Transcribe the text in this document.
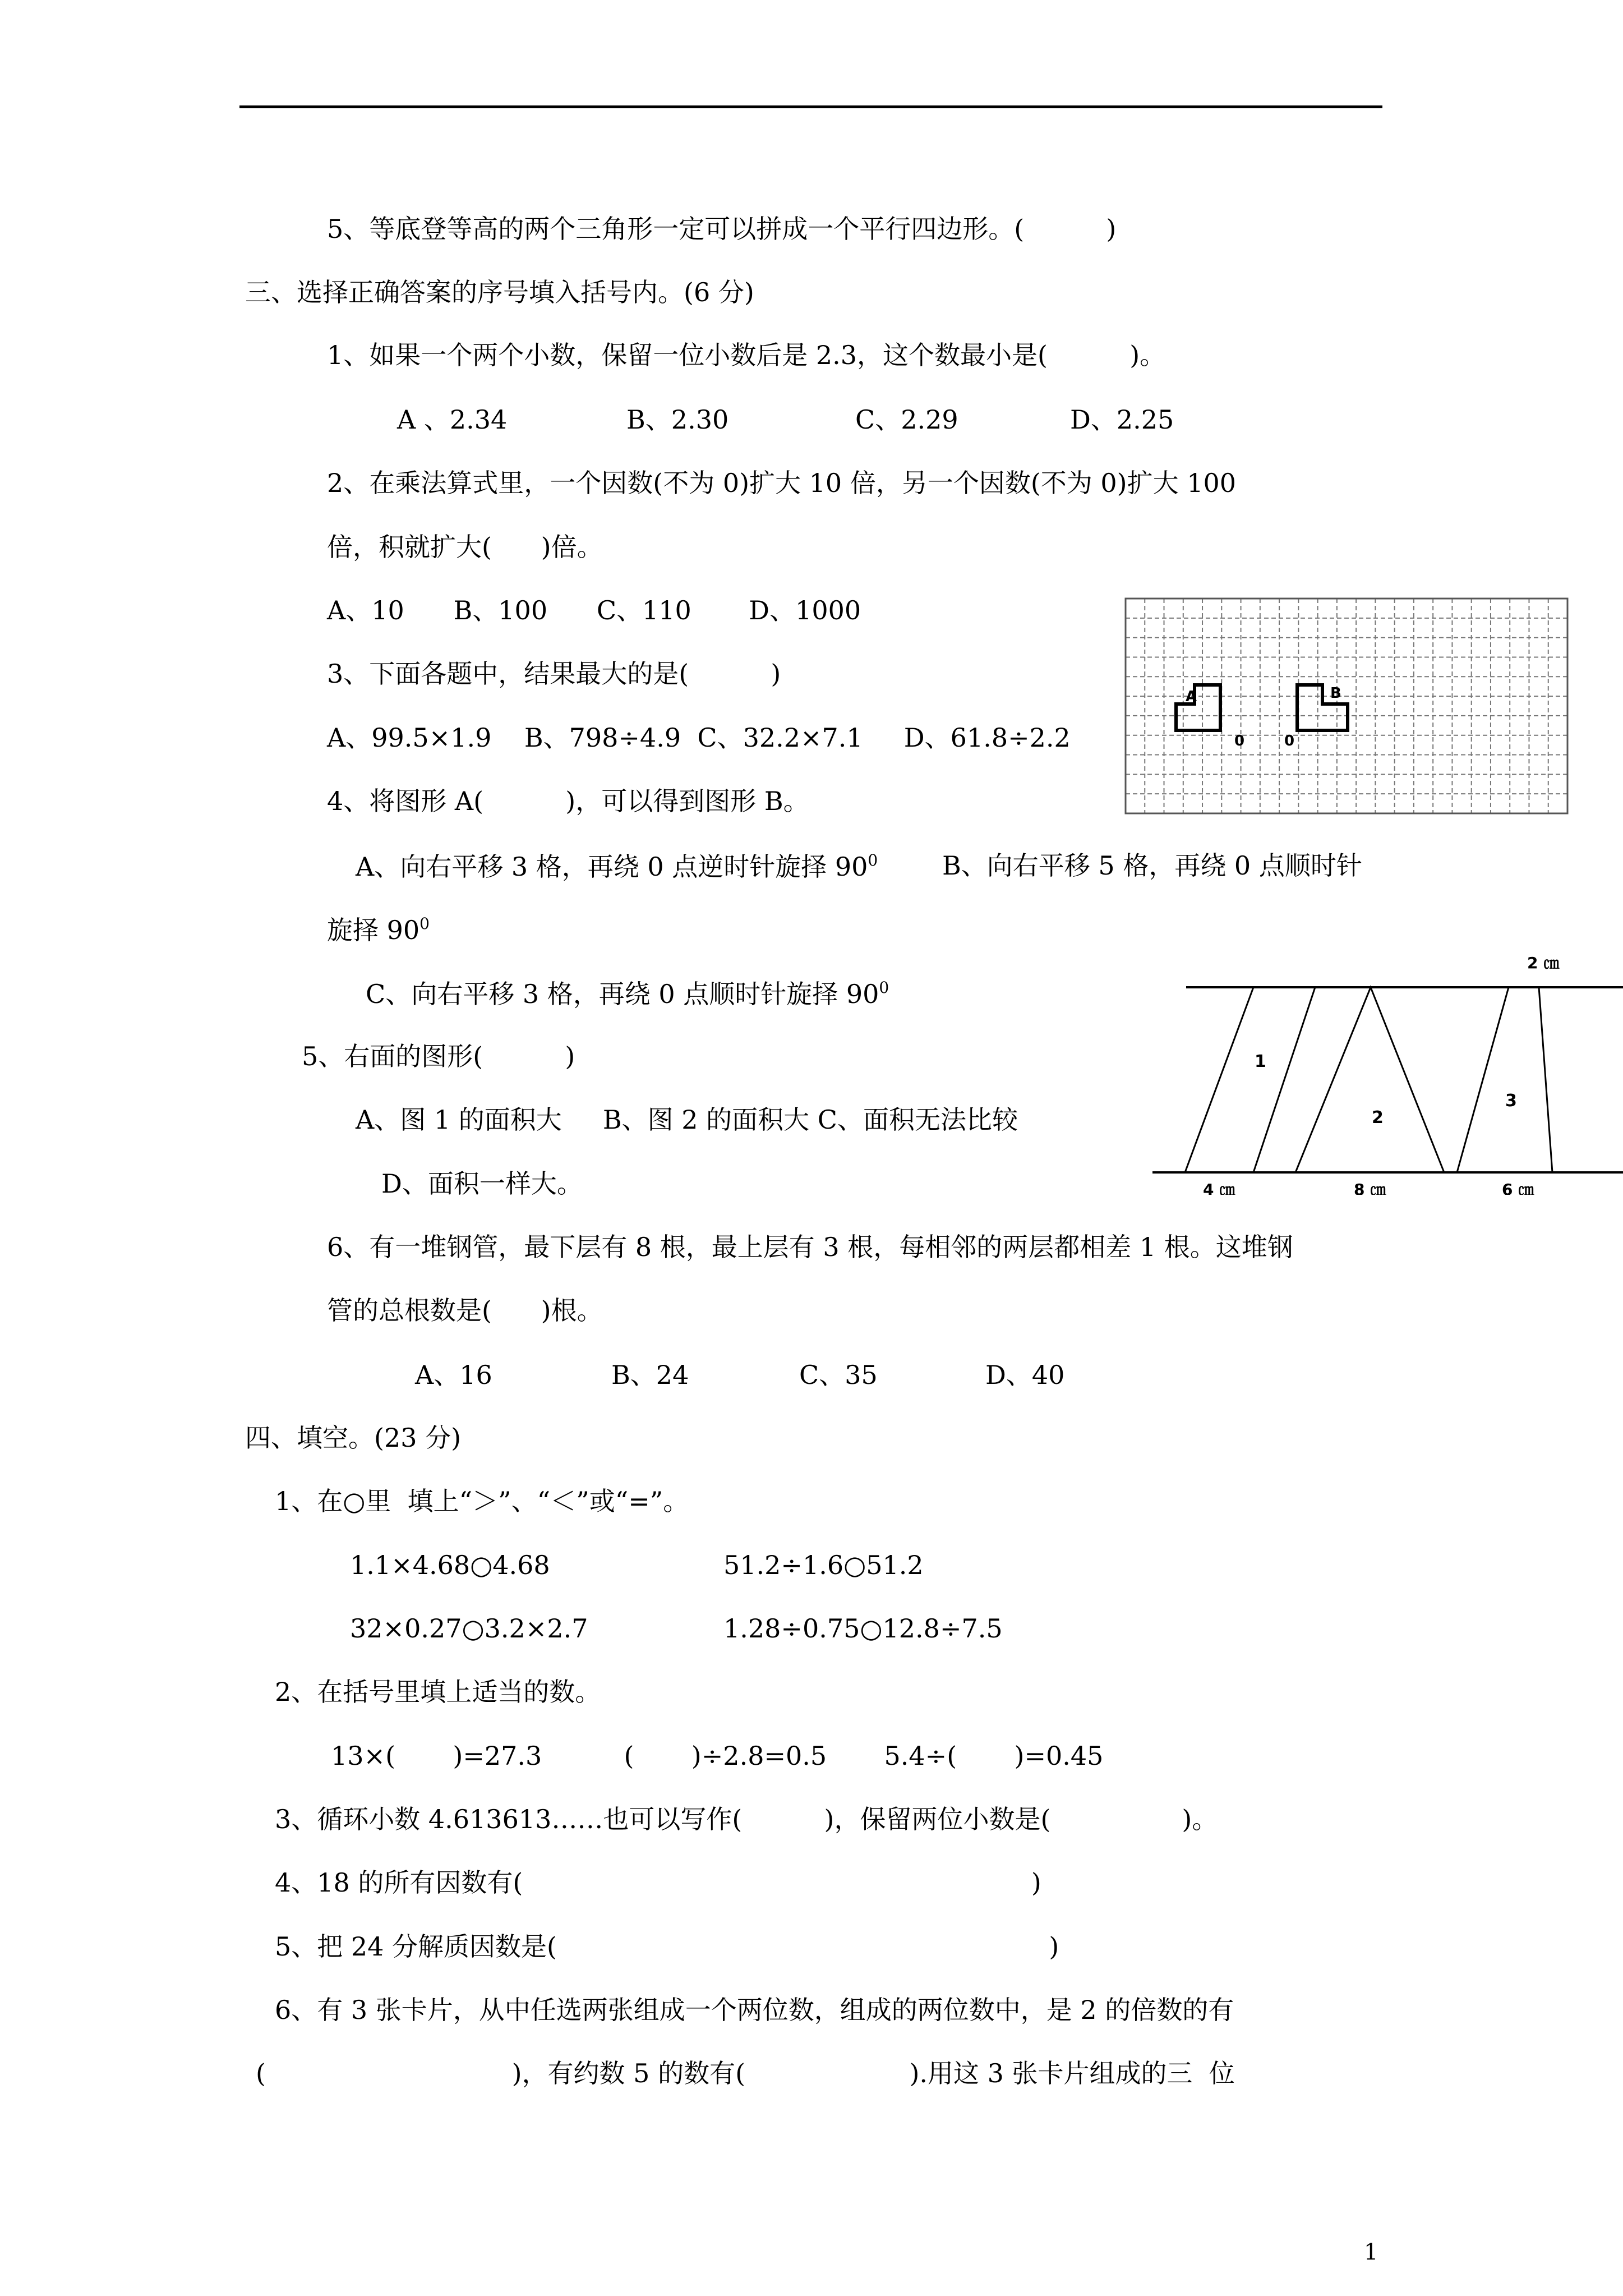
5、等底登等高的两个三角形一定可以拼成一个平行四边形。(          )
三、选择正确答案的序号填入括号内。(6 分)
1、如果一个两个小数，保留一位小数后是 2.3，这个数最小是(          )。
A 、2.34	B、2.30	C、2.29	D、2.25
2、在乘法算式里，一个因数(不为 0)扩大 10 倍，另一个因数(不为 0)扩大 100
倍，积就扩大(      )倍。
A、10      B、100      C、110       D、1000
3、下面各题中，结果最大的是(          )
A、99.5×1.9    B、798÷4.9  C、32.2×7.1     D、61.8÷2.2
4、将图形 A(          )，可以得到图形 B。
A、向右平移 3 格，再绕 0 点逆时针旋择 $90^0$ B、向右平移 5 格，再绕 0 点顺时针
旋择 $90^0$
C、向右平移 3 格，再绕 0 点顺时针旋择 $90^0$
5、右面的图形(          )
A、图 1 的面积大     B、图 2 的面积大 C、面积无法比较
D、面积一样大。
6、有一堆钢管，最下层有 8 根，最上层有 3 根，每相邻的两层都相差 1 根。这堆钢
管的总根数是(      )根。
A、16	B、24	C、35	D、40
四、填空。(23 分)
1、在○里  填上“＞”、“＜”或“=”。
1.1×4.68○4.68	51.2÷1.6○51.2
32×0.27○3.2×2.7	1.28÷0.75○12.8÷7.5
2、在括号里填上适当的数。
13×(       )=27.3          (       )÷2.8=0.5       5.4÷(       )=0.45
3、循环小数 4.613613……也可以写作(          )，保留两位小数是(                )。
4、18 的所有因数有(                                                              )
5、把 24 分解质因数是(                                                            )
6、有 3 张卡片，从中任选两张组成一个两位数，组成的两位数中，是 2 的倍数的有
(                              )，有约数 5 的数有(                    ).用这 3 张卡片组成的三  位
1
A	B
0	0
2 ㎝
1
2
3
4 ㎝	8 ㎝	6 ㎝
